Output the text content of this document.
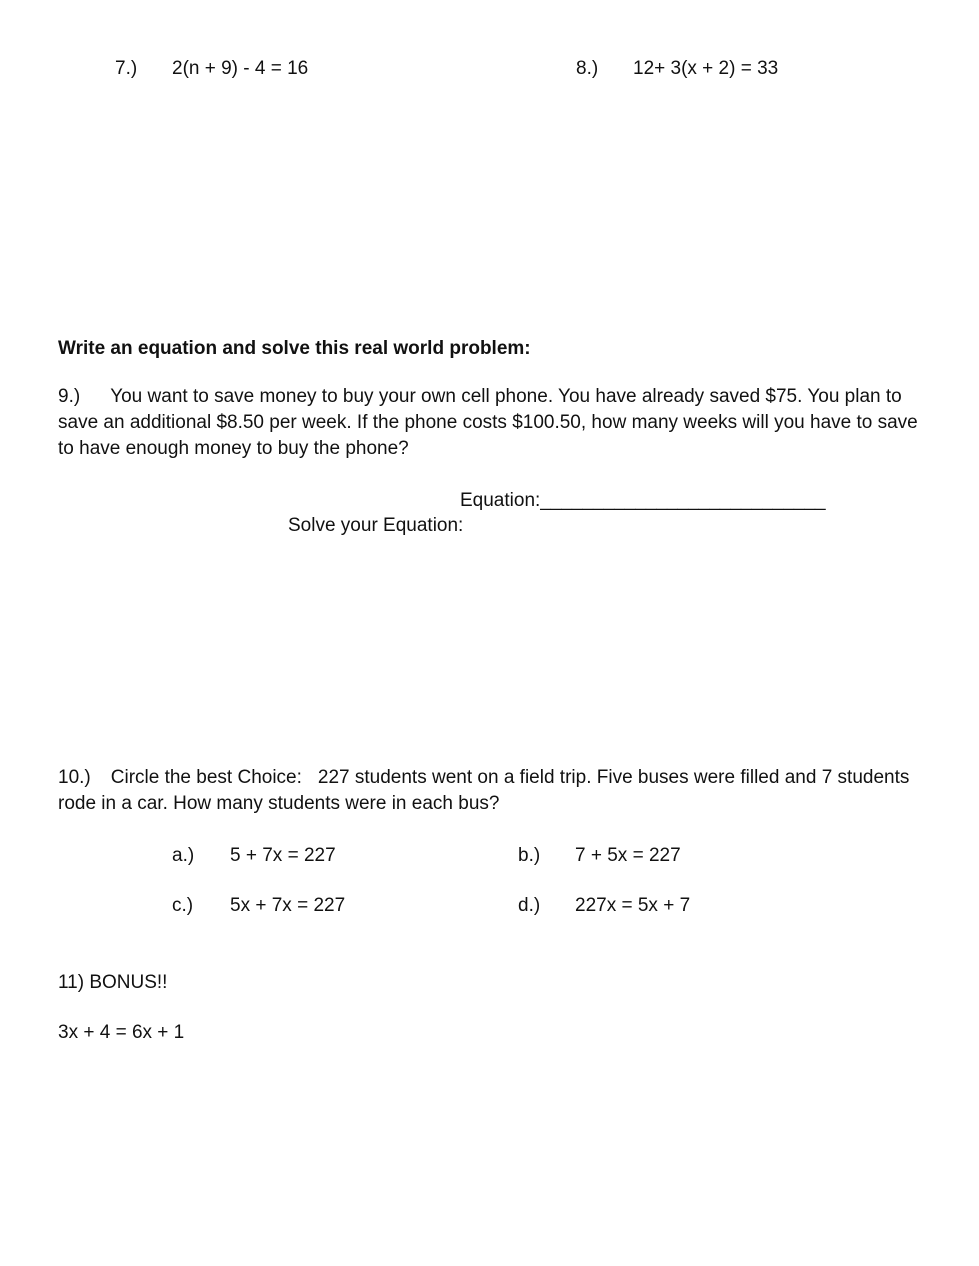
7.) 2(n + 9) - 4 = 16	8.) 12+ 3(x + 2) = 33
Write an equation and solve this real world problem:
9.) You want to save money to buy your own cell phone. You have already saved $75. You plan to save an additional $8.50 per week. If the phone costs $100.50, how many weeks will you have to save to have enough money to buy the phone?
Equation:___________________________
Solve your Equation:
10.) Circle the best Choice: 227 students went on a field trip. Five buses were filled and 7 students rode in a car. How many students were in each bus?
a.) 5 + 7x = 227	b.) 7 + 5x = 227
c.) 5x + 7x = 227	d.) 227x = 5x + 7
11) BONUS!!
3x + 4 = 6x + 1
